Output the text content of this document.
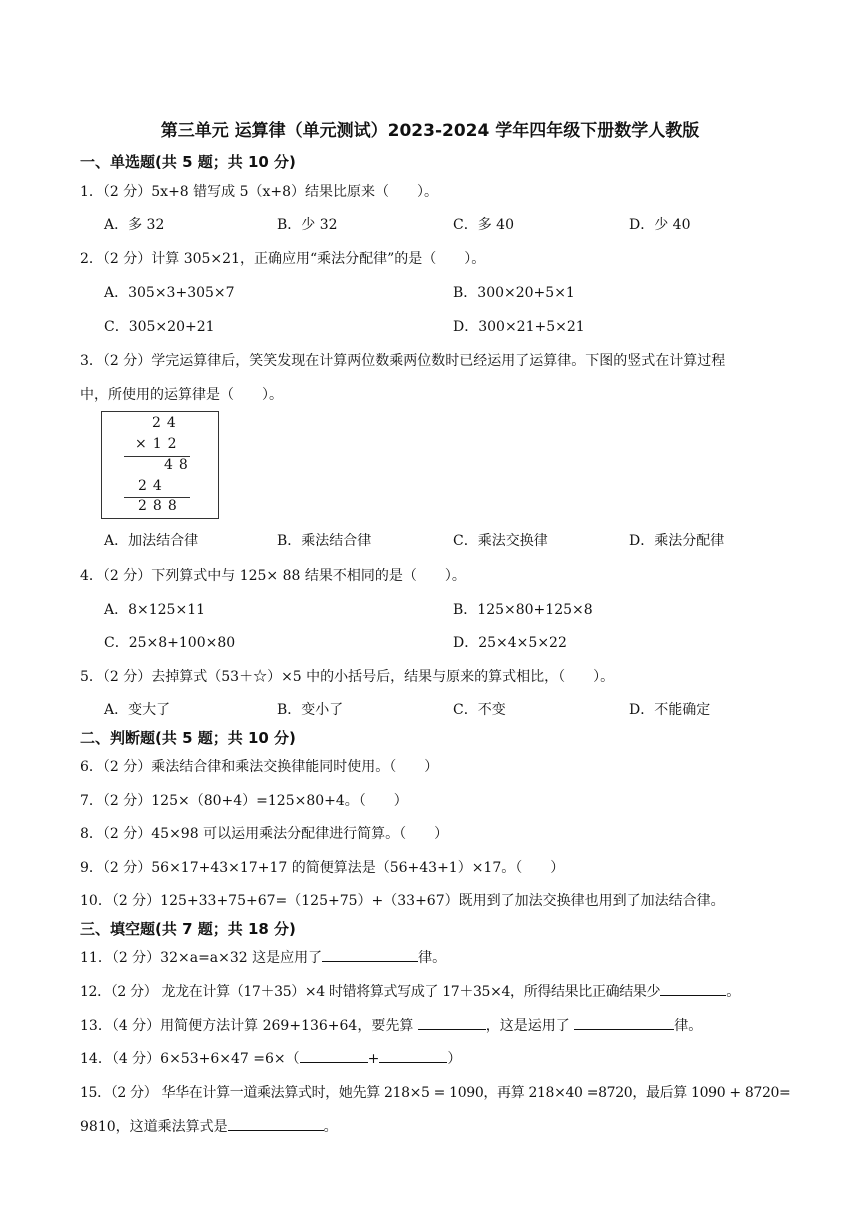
第三单元 运算律（单元测试）2023-2024 学年四年级下册数学人教版
一、单选题(共 5 题；共 10 分)
1．（2 分）5x+8 错写成 5（x+8）结果比原来（　　）。
A．多 32	B．少 32	C．多 40	D．少 40
2．（2 分）计算 305×21，正确应用“乘法分配律”的是（　　）。
A．305×3+305×7	B．300×20+5×1
C．305×20+21	D．300×21+5×21
3．（2 分）学完运算律后，笑笑发现在计算两位数乘两位数时已经运用了运算律。下图的竖式在计算过程
中，所使用的运算律是（　　）。
24
×12
48
24
288
A．加法结合律	B．乘法结合律	C．乘法交换律	D．乘法分配律
4．（2 分）下列算式中与 125× 88 结果不相同的是（　　）。
A．8×125×11	B．125×80+125×8
C．25×8+100×80	D．25×4×5×22
5．（2 分）去掉算式（53＋☆）×5 中的小括号后，结果与原来的算式相比，（　　）。
A．变大了	B．变小了	C．不变	D．不能确定
二、判断题(共 5 题；共 10 分)
6．（2 分）乘法结合律和乘法交换律能同时使用。（　　）
7．（2 分）125×（80+4）=125×80+4。（　　）
8．（2 分）45×98 可以运用乘法分配律进行简算。（　　）
9．（2 分）56×17+43×17+17 的简便算法是（56+43+1）×17。（　　）
10．（2 分）125+33+75+67=（125+75）+（33+67）既用到了加法交换律也用到了加法结合律。
三、填空题(共 7 题；共 18 分)
11．（2 分）32×a=a×32 这是应用了	律。
12．（2 分） 龙龙在计算（17＋35）×4 时错将算式写成了 17＋35×4，所得结果比正确结果少	。
13．（4 分）用简便方法计算 269+136+64，要先算	，这是运用了	律。
14．（4 分）6×53+6×47 =6×（	+	）
15．（2 分） 华华在计算一道乘法算式时，她先算 218×5 = 1090，再算 218×40 =8720，最后算 1090 + 8720=
9810，这道乘法算式是	。
